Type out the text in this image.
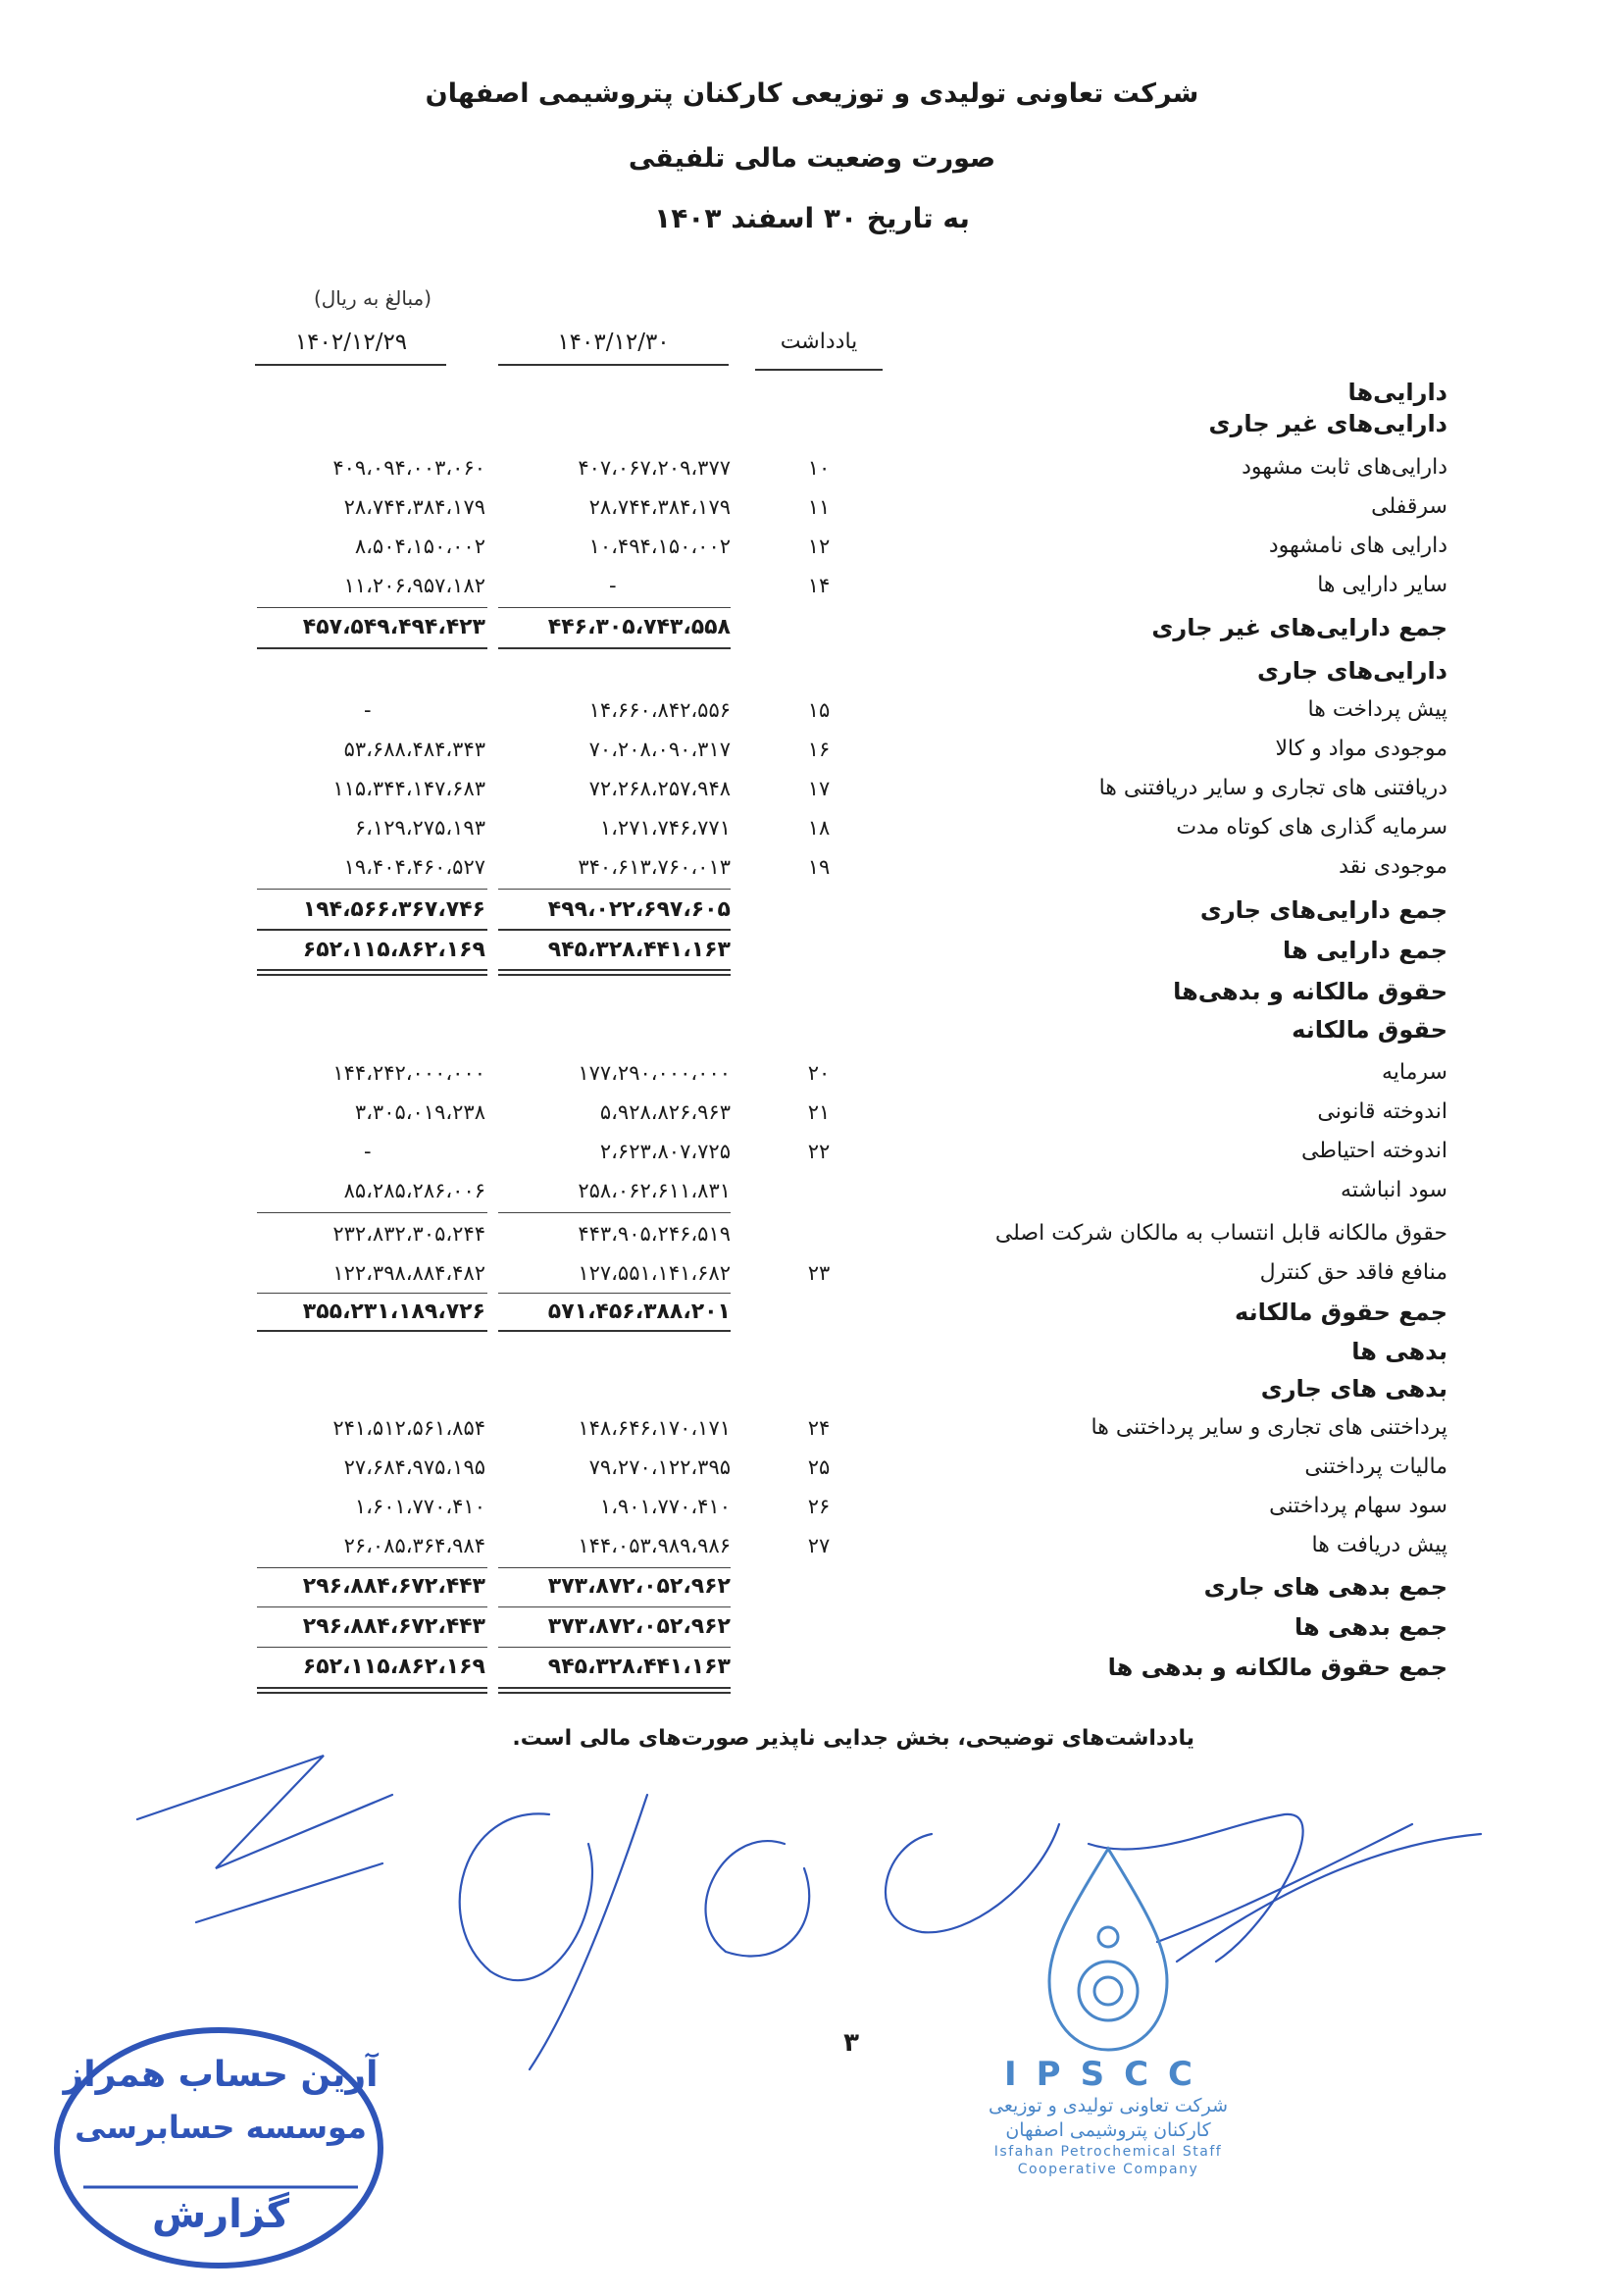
شرکت تعاونی تولیدی و توزیعی کارکنان پتروشیمی اصفهان
صورت وضعیت مالی تلفیقی
به تاریخ ۳۰ اسفند ۱۴۰۳
(مبالغ به ریال)
۱۴۰۲/۱۲/۲۹	۱۴۰۳/۱۲/۳۰	یادداشت
دارایی‌ها
دارایی‌های غیر جاری
دارایی‌های ثابت مشهود
۱۰
۴۰۷،۰۶۷،۲۰۹،۳۷۷
۴۰۹،۰۹۴،۰۰۳،۰۶۰
سرقفلی
۱۱
۲۸،۷۴۴،۳۸۴،۱۷۹
۲۸،۷۴۴،۳۸۴،۱۷۹
دارایی های نامشهود
۱۲
۱۰،۴۹۴،۱۵۰،۰۰۲
۸،۵۰۴،۱۵۰،۰۰۲
سایر دارایی ها
۱۴
-
۱۱،۲۰۶،۹۵۷،۱۸۲
جمع دارایی‌های غیر جاری
۴۴۶،۳۰۵،۷۴۳،۵۵۸
۴۵۷،۵۴۹،۴۹۴،۴۲۳
دارایی‌های جاری
پیش پرداخت ها
۱۵
۱۴،۶۶۰،۸۴۲،۵۵۶
-
موجودی مواد و کالا
۱۶
۷۰،۲۰۸،۰۹۰،۳۱۷
۵۳،۶۸۸،۴۸۴،۳۴۳
دریافتنی های تجاری و سایر دریافتنی ها
۱۷
۷۲،۲۶۸،۲۵۷،۹۴۸
۱۱۵،۳۴۴،۱۴۷،۶۸۳
سرمایه گذاری های کوتاه مدت
۱۸
۱،۲۷۱،۷۴۶،۷۷۱
۶،۱۲۹،۲۷۵،۱۹۳
موجودی نقد
۱۹
۳۴۰،۶۱۳،۷۶۰،۰۱۳
۱۹،۴۰۴،۴۶۰،۵۲۷
جمع دارایی‌های جاری
۴۹۹،۰۲۲،۶۹۷،۶۰۵
۱۹۴،۵۶۶،۳۶۷،۷۴۶
جمع دارایی ها
۹۴۵،۳۲۸،۴۴۱،۱۶۳
۶۵۲،۱۱۵،۸۶۲،۱۶۹
حقوق مالکانه و بدهی‌ها
حقوق مالکانه
سرمایه
۲۰
۱۷۷،۲۹۰،۰۰۰،۰۰۰
۱۴۴،۲۴۲،۰۰۰،۰۰۰
اندوخته قانونی
۲۱
۵،۹۲۸،۸۲۶،۹۶۳
۳،۳۰۵،۰۱۹،۲۳۸
اندوخته احتیاطی
۲۲
۲،۶۲۳،۸۰۷،۷۲۵
-
سود انباشته
۲۵۸،۰۶۲،۶۱۱،۸۳۱
۸۵،۲۸۵،۲۸۶،۰۰۶
حقوق مالکانه قابل انتساب به مالکان شرکت اصلی
۴۴۳،۹۰۵،۲۴۶،۵۱۹
۲۳۲،۸۳۲،۳۰۵،۲۴۴
منافع فاقد حق کنترل
۲۳
۱۲۷،۵۵۱،۱۴۱،۶۸۲
۱۲۲،۳۹۸،۸۸۴،۴۸۲
جمع حقوق مالکانه
۵۷۱،۴۵۶،۳۸۸،۲۰۱
۳۵۵،۲۳۱،۱۸۹،۷۲۶
بدهی ها
بدهی های جاری
پرداختنی های تجاری و سایر پرداختنی ها
۲۴
۱۴۸،۶۴۶،۱۷۰،۱۷۱
۲۴۱،۵۱۲،۵۶۱،۸۵۴
مالیات پرداختنی
۲۵
۷۹،۲۷۰،۱۲۲،۳۹۵
۲۷،۶۸۴،۹۷۵،۱۹۵
سود سهام پرداختنی
۲۶
۱،۹۰۱،۷۷۰،۴۱۰
۱،۶۰۱،۷۷۰،۴۱۰
پیش دریافت ها
۲۷
۱۴۴،۰۵۳،۹۸۹،۹۸۶
۲۶،۰۸۵،۳۶۴،۹۸۴
جمع بدهی های جاری
۳۷۳،۸۷۲،۰۵۲،۹۶۲
۲۹۶،۸۸۴،۶۷۲،۴۴۳
جمع بدهی ها
۳۷۳،۸۷۲،۰۵۲،۹۶۲
۲۹۶،۸۸۴،۶۷۲،۴۴۳
جمع حقوق مالکانه و بدهی ها
۹۴۵،۳۲۸،۴۴۱،۱۶۳
۶۵۲،۱۱۵،۸۶۲،۱۶۹
یادداشت‌های توضیحی، بخش جدایی ناپذیر صورت‌های مالی است.
۳
IPSCC
شرکت تعاونی تولیدی و توزیعی
کارکنان پتروشیمی اصفهان
Isfahan Petrochemical Staff
Cooperative Company
آرین حساب همراز
موسسه حسابرسی
گزارش
